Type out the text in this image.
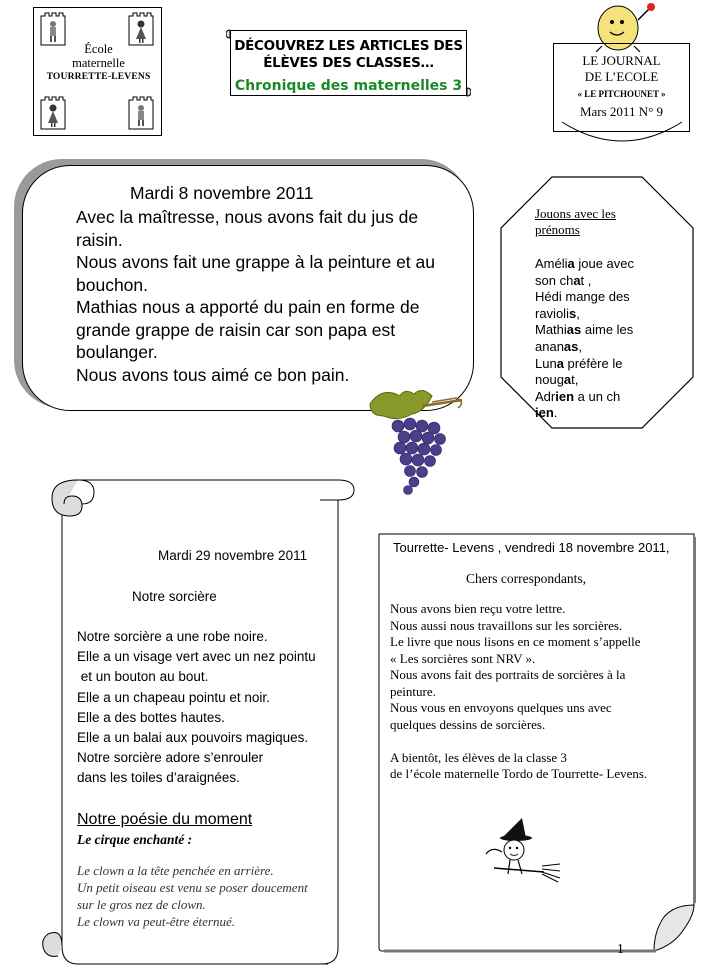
École
maternelle
TOURRETTE-LEVENS
DÉCOUVREZ LES ARTICLES DES
ÉLÈVES DES CLASSES…
Chronique des maternelles 3
LE JOURNAL
DE L’ECOLE
« LE PITCHOUNET »
Mars 2011 N° 9
Mardi 8 novembre 2011

Avec la maîtresse, nous avons fait du jus de raisin.

Nous avons fait une grappe à la peinture et au bouchon.

Mathias nous a apporté du pain en forme de grande grappe de raisin car son papa est boulanger.

Nous avons tous aimé ce bon pain.

Jouons avec les
prénoms

Amélia joue avec

son chat ,

Hédi mange des

raviolis,

Mathias aime les

ananas,

Luna préfère le

nougat,

Adrien a un ch

ien.

Mardi 29 novembre 2011
Notre sorcière

Notre sorcière a une robe noire.

Elle a un visage vert avec un nez pointu

et un bouton au bout.

Elle a un chapeau pointu et noir.

Elle a des bottes hautes.

Elle a un balai aux pouvoirs magiques.

Notre sorcière adore s’enrouler

dans les toiles d’araignées.

Notre poésie du moment
Le cirque enchanté :

Le clown a la tête penchée en arrière.

Un petit oiseau est venu se poser doucement

sur le gros nez de clown.

Le clown va peut-être éternué.

Tourrette- Levens , vendredi 18 novembre 2011,
Chers correspondants,

Nous avons bien reçu votre lettre.

Nous aussi nous travaillons sur les sorcières.

Le livre que nous lisons en ce moment s’appelle

« Les sorcières sont NRV ».

Nous avons fait des portraits de sorcières à la

peinture.

Nous vous en envoyons quelques uns avec

quelques dessins de sorcières.

A bientôt, les élèves de la classe 3

de l’école maternelle Tordo de Tourrette- Levens.

1
